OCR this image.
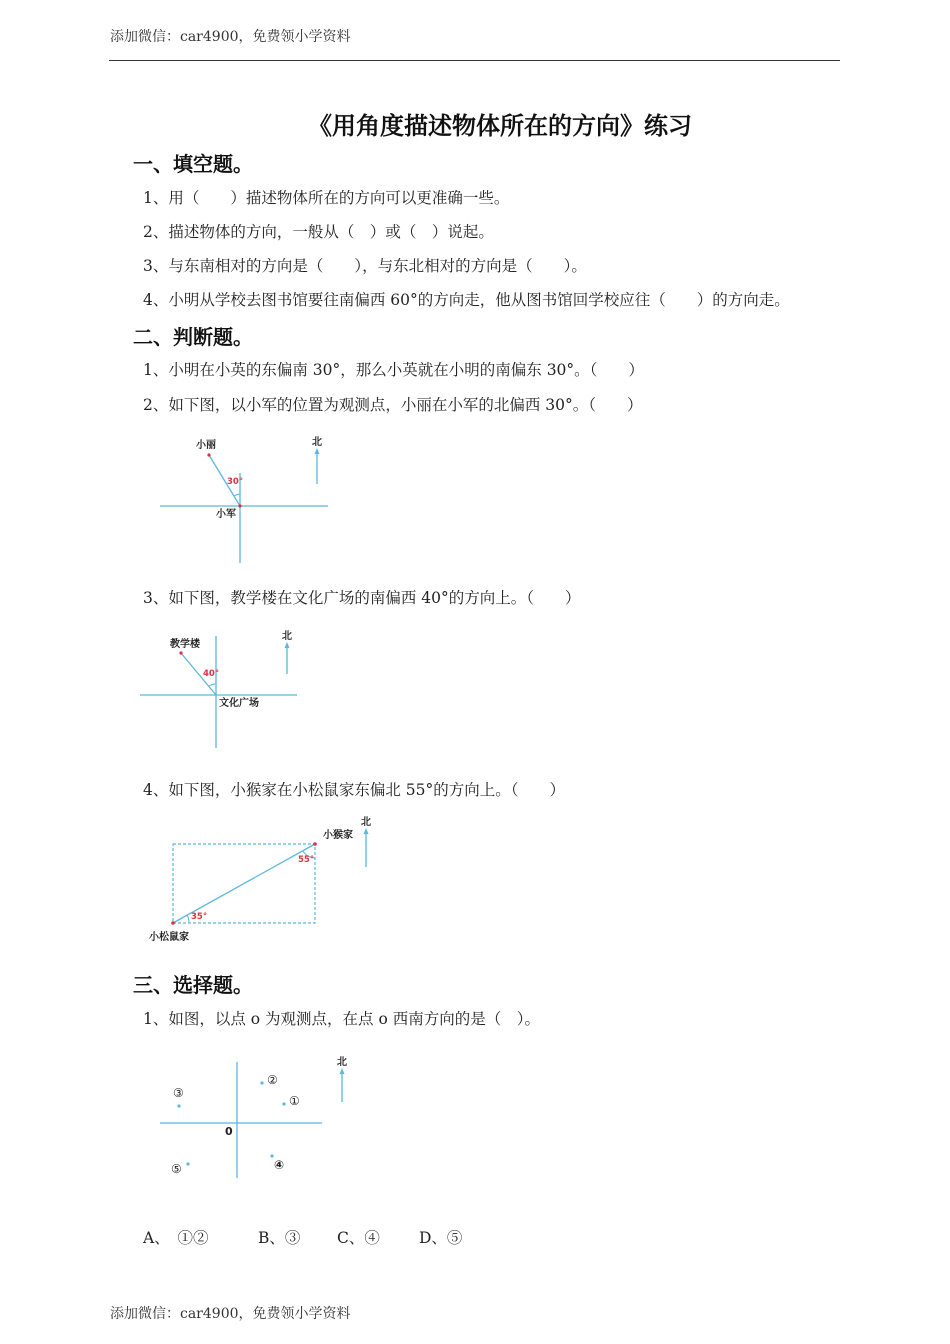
添加微信：car4900，免费领小学资料
《用角度描述物体所在的方向》练习
一、填空题。
1、用（　　）描述物体所在的方向可以更准确一些。
2、描述物体的方向，一般从（　）或（　）说起。
3、与东南相对的方向是（　　），与东北相对的方向是（　　）。
4、小明从学校去图书馆要往南偏西 60°的方向走，他从图书馆回学校应往（　　）的方向走。
二、判断题。
1、小明在小英的东偏南 30°，那么小英就在小明的南偏东 30°。（　　）
2、如下图，以小军的位置为观测点，小丽在小军的北偏西 30°。（　　）
北
小丽
小军
30°
3、如下图，教学楼在文化广场的南偏西 40°的方向上。（　　）
北
教学楼
文化广场
40°
4、如下图，小猴家在小松鼠家东偏北 55°的方向上。（　　）
北
小猴家
小松鼠家
55°
35°
三、选择题。
1、如图，以点 o 为观测点，在点 o 西南方向的是（　）。
北
0
①
②
③
④
⑤
A、　①②	B、③ C、④	D、⑤
添加微信：car4900，免费领小学资料
